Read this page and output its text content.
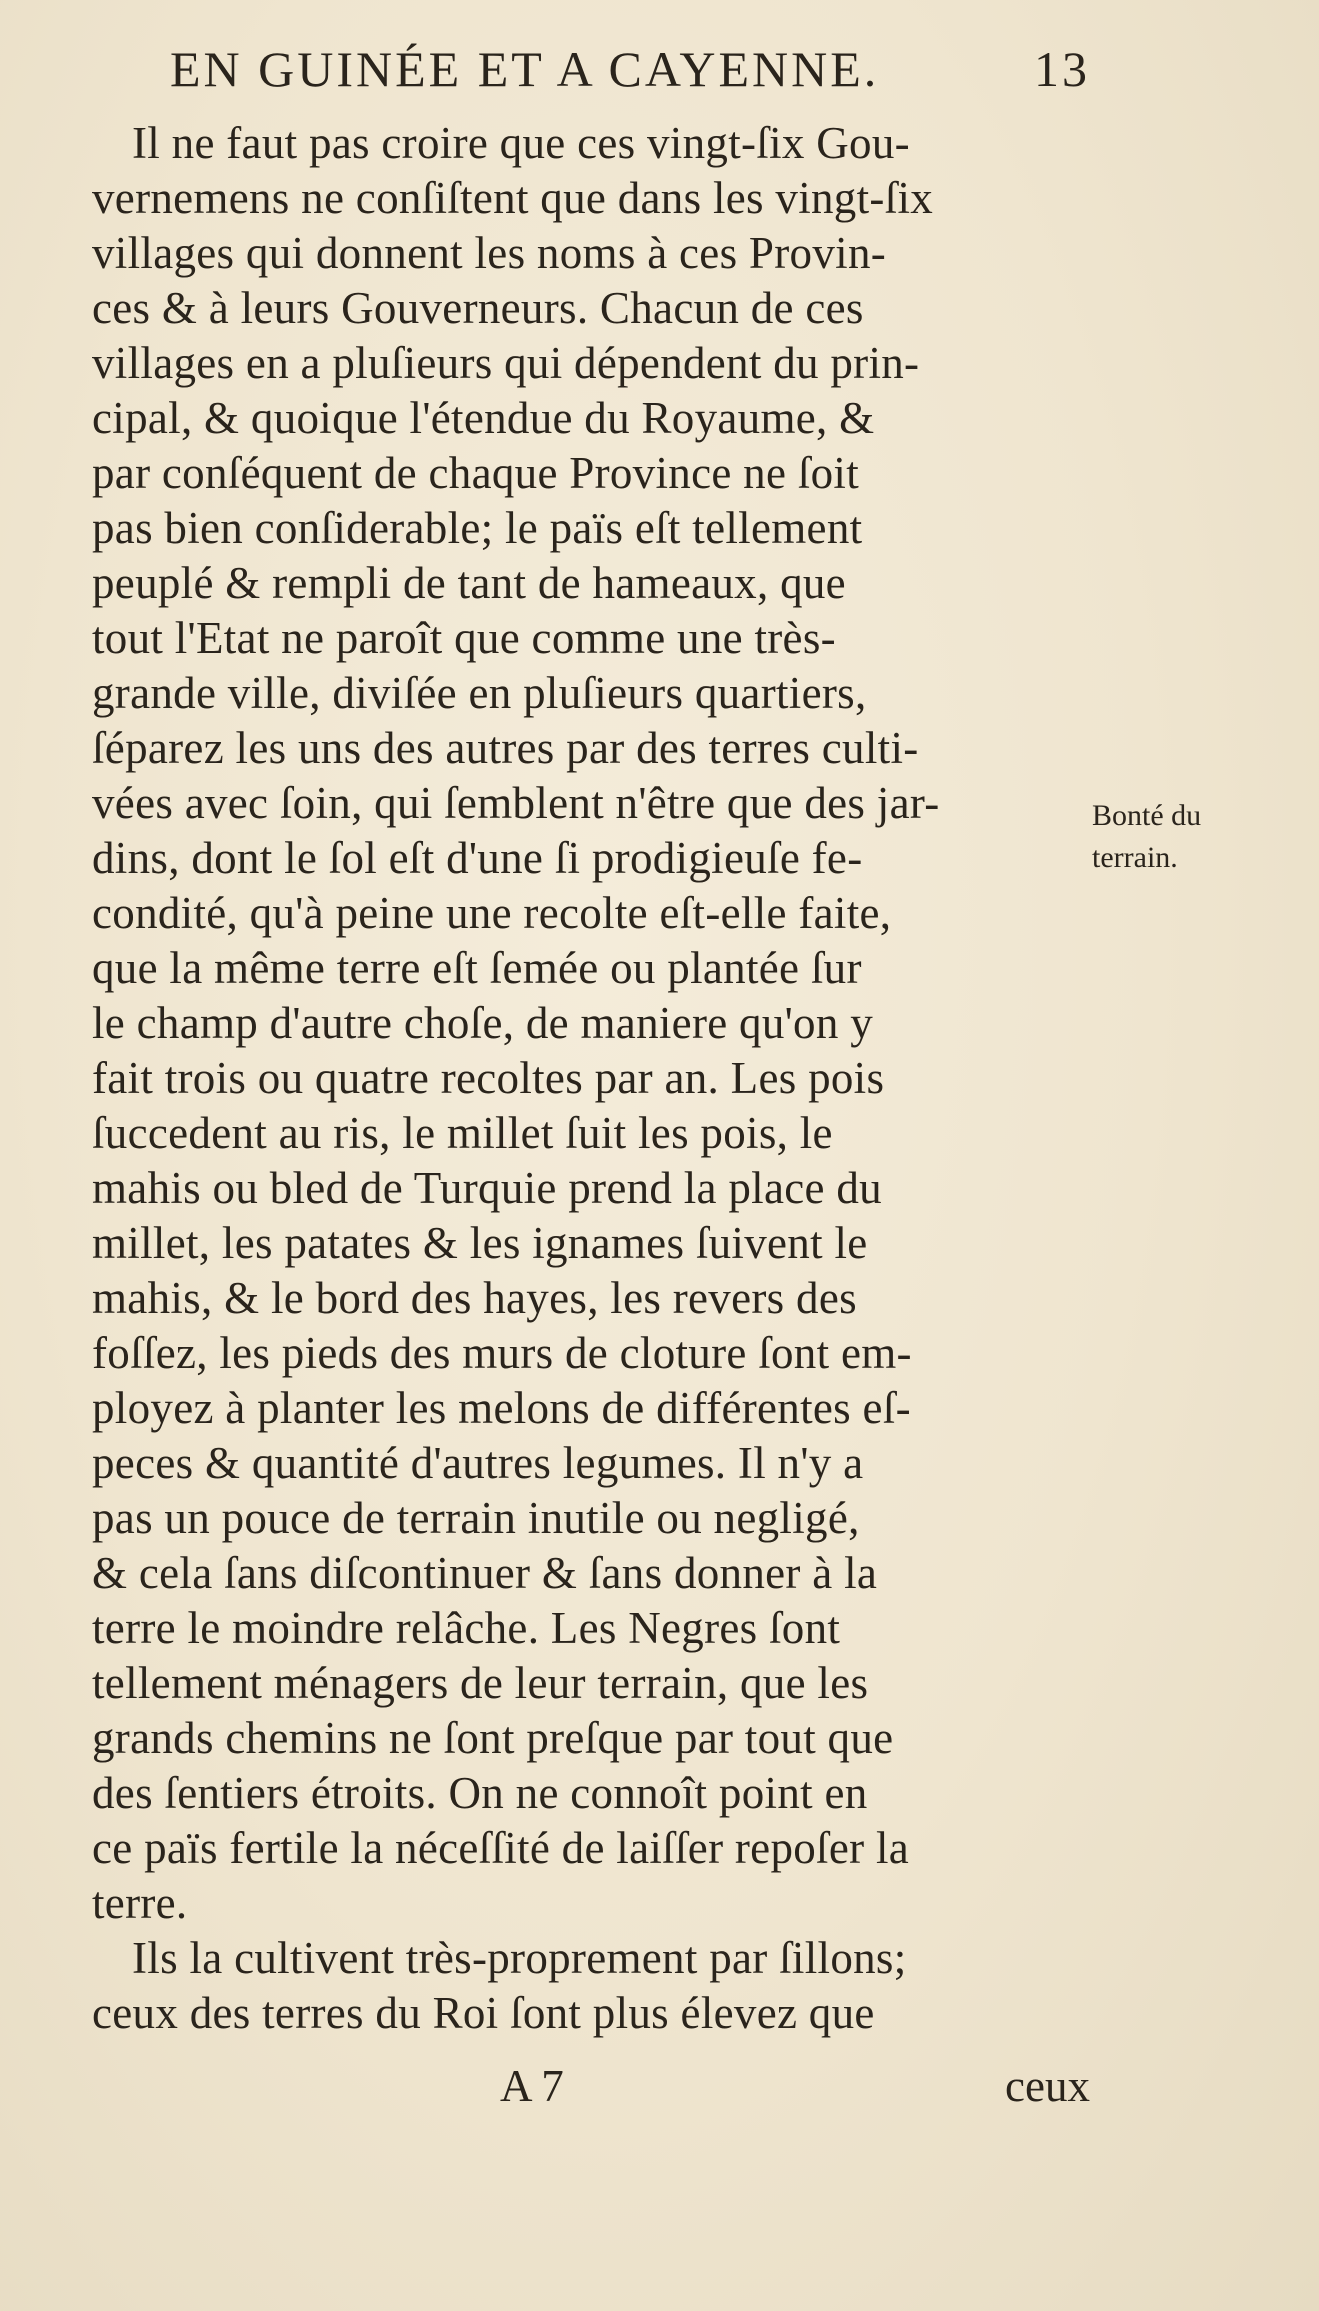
EN GUINÉE ET A CAYENNE.	13
Il ne faut pas croire que ces vingt-ſix Gou-
vernemens ne conſiſtent que dans les vingt-ſix
villages qui donnent les noms à ces Provin-
ces & à leurs Gouverneurs. Chacun de ces
villages en a pluſieurs qui dépendent du prin-
cipal, & quoique l'étendue du Royaume, &
par conſéquent de chaque Province ne ſoit
pas bien conſiderable; le païs eſt tellement
peuplé & rempli de tant de hameaux, que
tout l'Etat ne paroît que comme une très-
grande ville, diviſée en pluſieurs quartiers,
ſéparez les uns des autres par des terres culti-
vées avec ſoin, qui ſemblent n'être que des jar-
dins, dont le ſol eſt d'une ſi prodigieuſe fe-
condité, qu'à peine une recolte eſt-elle faite,
que la même terre eſt ſemée ou plantée ſur
le champ d'autre choſe, de maniere qu'on y
fait trois ou quatre recoltes par an. Les pois
ſuccedent au ris, le millet ſuit les pois, le
mahis ou bled de Turquie prend la place du
millet, les patates & les ignames ſuivent le
mahis, & le bord des hayes, les revers des
foſſez, les pieds des murs de cloture ſont em-
ployez à planter les melons de différentes eſ-
peces & quantité d'autres legumes. Il n'y a
pas un pouce de terrain inutile ou negligé,
& cela ſans diſcontinuer & ſans donner à la
terre le moindre relâche. Les Negres ſont
tellement ménagers de leur terrain, que les
grands chemins ne ſont preſque par tout que
des ſentiers étroits. On ne connoît point en
ce païs fertile la néceſſité de laiſſer repoſer la
terre.
Ils la cultivent très-proprement par ſillons;
ceux des terres du Roi ſont plus élevez que
Bonté du
terrain.
A 7	ceux
